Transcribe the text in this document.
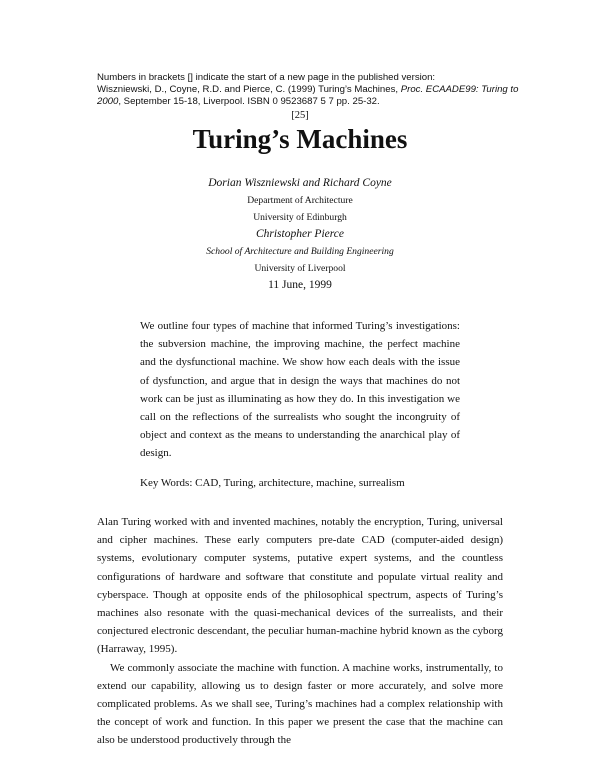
Numbers in brackets [] indicate the start of a new page in the published version:
Wiszniewski, D., Coyne, R.D. and Pierce, C. (1999) Turing’s Machines, Proc. ECAADE99: Turing to 2000, September 15-18, Liverpool. ISBN 0 9523687 5 7 pp. 25-32.
[25]
Turing’s Machines
Dorian Wiszniewski and Richard Coyne
Department of Architecture
University of Edinburgh
Christopher Pierce
School of Architecture and Building Engineering
University of Liverpool
11 June, 1999
We outline four types of machine that informed Turing’s investigations: the subversion machine, the improving machine, the perfect machine and the dysfunctional machine. We show how each deals with the issue of dysfunction, and argue that in design the ways that machines do not work can be just as illuminating as how they do. In this investigation we call on the reflections of the surrealists who sought the incongruity of object and context as the means to understanding the anarchical play of design.
Key Words: CAD, Turing, architecture, machine, surrealism

Alan Turing worked with and invented machines, notably the encryption, Turing, universal and cipher machines. These early computers pre-date CAD (computer-aided design) systems, evolutionary computer systems, putative expert systems, and the countless configurations of hardware and software that constitute and populate virtual reality and cyberspace. Though at opposite ends of the philosophical spectrum, aspects of Turing’s machines also resonate with the quasi-mechanical devices of the surrealists, and their conjectured electronic descendant, the peculiar human-machine hybrid known as the cyborg (Harraway, 1995).

We commonly associate the machine with function. A machine works, instrumentally, to extend our capability, allowing us to design faster or more accurately, and solve more complicated problems. As we shall see, Turing’s machines had a complex relationship with the concept of work and function. In this paper we present the case that the machine can also be understood productively through the
